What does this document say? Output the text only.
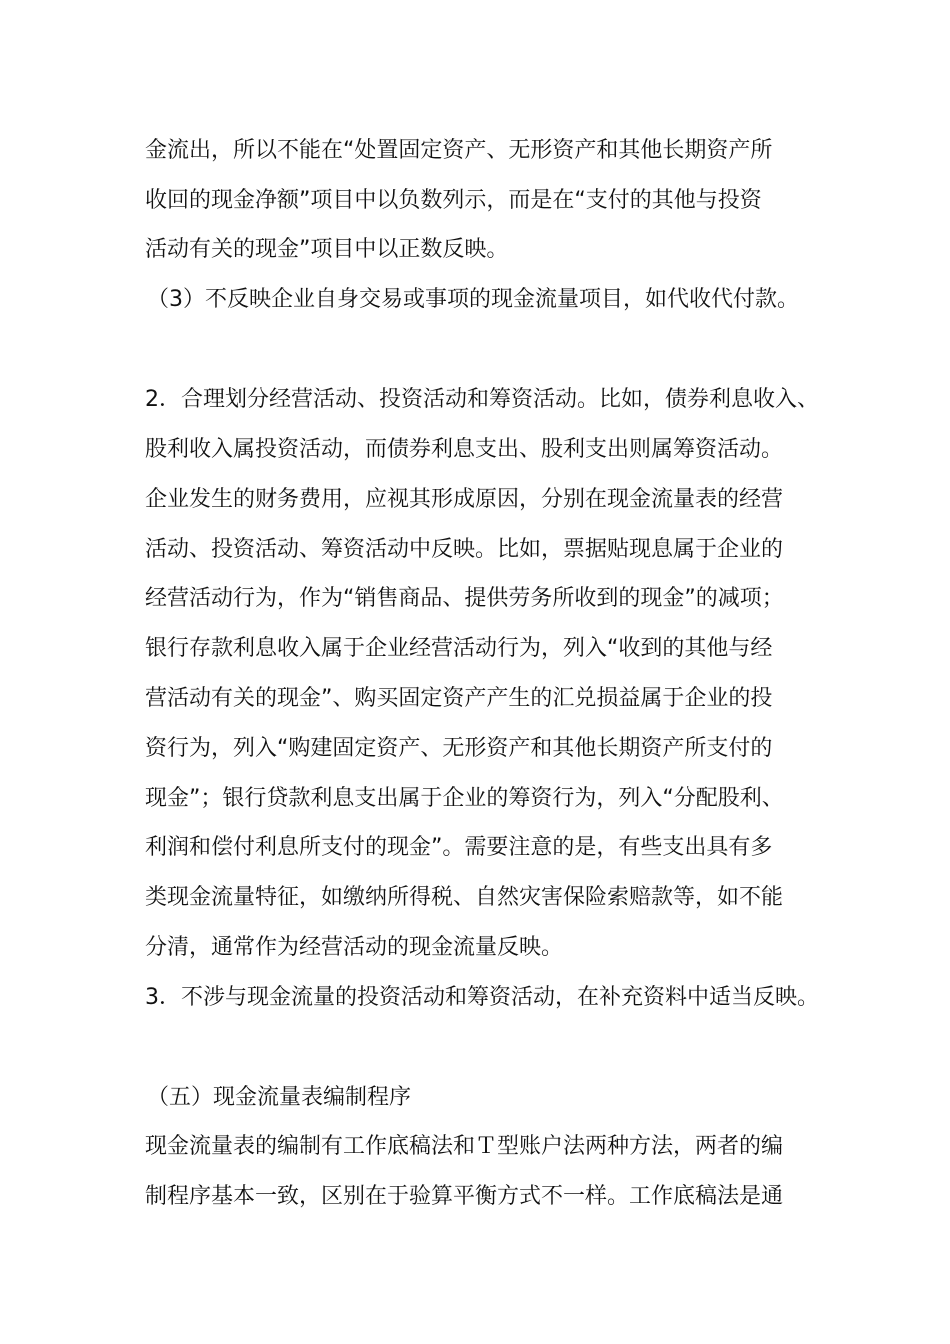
金流出，所以不能在“处置固定资产、无形资产和其他长期资产所

收回的现金净额”项目中以负数列示，而是在“支付的其他与投资

活动有关的现金”项目中以正数反映。

（3）不反映企业自身交易或事项的现金流量项目，如代收代付款。

2．合理划分经营活动、投资活动和筹资活动。比如，债券利息收入、

股利收入属投资活动，而债券利息支出、股利支出则属筹资活动。

企业发生的财务费用，应视其形成原因，分别在现金流量表的经营

活动、投资活动、筹资活动中反映。比如，票据贴现息属于企业的

经营活动行为，作为“销售商品、提供劳务所收到的现金”的减项；

银行存款利息收入属于企业经营活动行为，列入“收到的其他与经

营活动有关的现金”、购买固定资产产生的汇兑损益属于企业的投

资行为，列入“购建固定资产、无形资产和其他长期资产所支付的

现金”；银行贷款利息支出属于企业的筹资行为，列入“分配股利、

利润和偿付利息所支付的现金”。需要注意的是，有些支出具有多

类现金流量特征，如缴纳所得税、自然灾害保险索赔款等，如不能

分清，通常作为经营活动的现金流量反映。

3．不涉与现金流量的投资活动和筹资活动，在补充资料中适当反映。

（五）现金流量表编制程序

现金流量表的编制有工作底稿法和Ｔ型账户法两种方法，两者的编

制程序基本一致，区别在于验算平衡方式不一样。工作底稿法是通
